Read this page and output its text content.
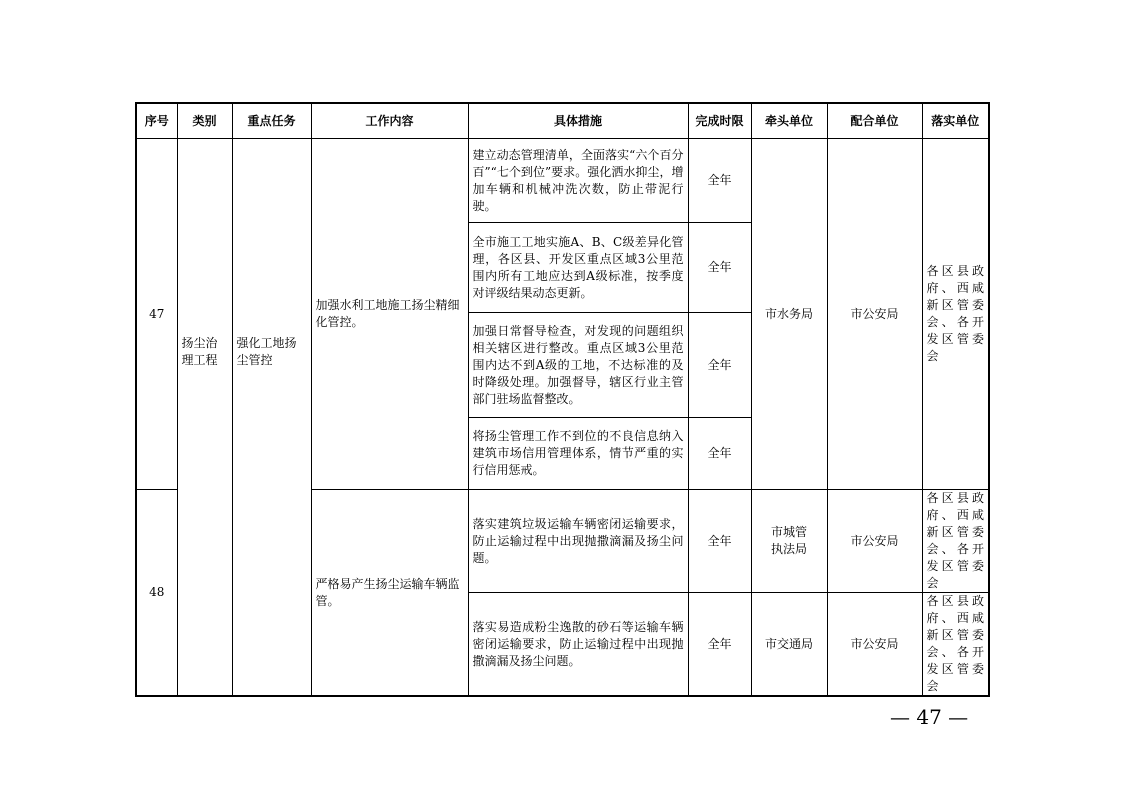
序号	类别	重点任务	工作内容	具体措施	完成时限	牵头单位	配合单位	落实单位
47	扬尘治理工程	强化工地扬尘管控	加强水利工地施工扬尘精细化管控。	建立动态管理清单，全面落实“六个百分百”“七个到位”要求。强化洒水抑尘，增加车辆和机械冲洗次数，防止带泥行驶。	全年	市水务局	市公安局	各区县政府、西咸新区管委会、各开发区管委会
				全市施工工地实施A、B、C级差异化管理，各区县、开发区重点区域3公里范围内所有工地应达到A级标准，按季度对评级结果动态更新。	全年			
				加强日常督导检查，对发现的问题组织相关辖区进行整改。重点区域3公里范围内达不到A级的工地，不达标准的及时降级处理。加强督导，辖区行业主管部门驻场监督整改。	全年			
				将扬尘管理工作不到位的不良信息纳入建筑市场信用管理体系，情节严重的实行信用惩戒。	全年			
48			严格易产生扬尘运输车辆监管。	落实建筑垃圾运输车辆密闭运输要求，防止运输过程中出现抛撒滴漏及扬尘问题。	全年	市城管执法局	市公安局	各区县政府、西咸新区管委会、各开发区管委会
				落实易造成粉尘逸散的砂石等运输车辆密闭运输要求，防止运输过程中出现抛撒滴漏及扬尘问题。	全年	市交通局	市公安局	各区县政府、西咸新区管委会、各开发区管委会
— 47 —
